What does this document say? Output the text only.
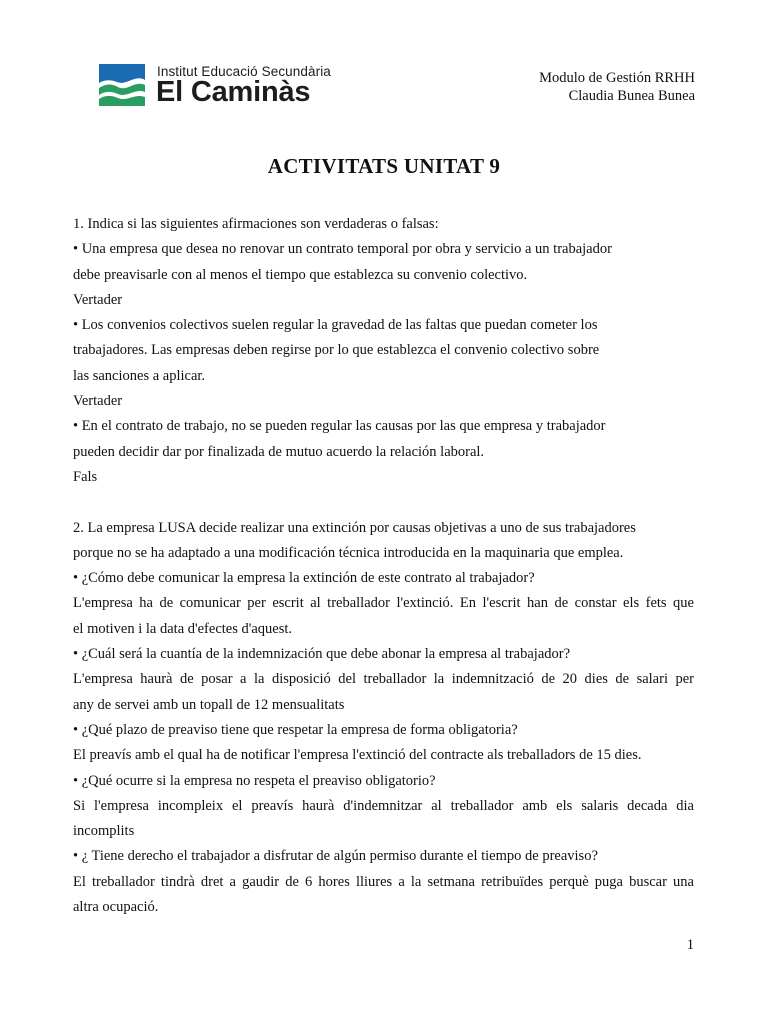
Institut Educació Secundària
El Caminàs	Modulo de Gestión RRHH
Claudia Bunea Bunea
ACTIVITATS UNITAT 9
1. Indica si las siguientes afirmaciones son verdaderas o falsas:
• Una empresa que desea no renovar un contrato temporal por obra y servicio a un trabajador
debe preavisarle con al menos el tiempo que establezca su convenio colectivo.
Vertader
• Los convenios colectivos suelen regular la gravedad de las faltas que puedan cometer los
trabajadores. Las empresas deben regirse por lo que establezca el convenio colectivo sobre
las sanciones a aplicar.
Vertader
• En el contrato de trabajo, no se pueden regular las causas por las que empresa y trabajador
pueden decidir dar por finalizada de mutuo acuerdo la relación laboral.
Fals
2. La empresa LUSA decide realizar una extinción por causas objetivas a uno de sus trabajadores
porque no se ha adaptado a una modificación técnica introducida en la maquinaria que emplea.
• ¿Cómo debe comunicar la empresa la extinción de este contrato al trabajador?
L'empresa ha de comunicar per escrit al treballador l'extinció. En l'escrit han de constar els fets que
el motiven i la data d'efectes d'aquest.
• ¿Cuál será la cuantía de la indemnización que debe abonar la empresa al trabajador?
L'empresa haurà de posar a la disposició del treballador la indemnització de 20 dies de salari per
any de servei amb un topall de 12 mensualitats
• ¿Qué plazo de preaviso tiene que respetar la empresa de forma obligatoria?
El preavís amb el qual ha de notificar l'empresa l'extinció del contracte als treballadors de 15 dies.
• ¿Qué ocurre si la empresa no respeta el preaviso obligatorio?
Si l'empresa incompleix el preavís haurà d'indemnitzar al treballador amb els salaris decada dia
incomplits
• ¿ Tiene derecho el trabajador a disfrutar de algún permiso durante el tiempo de preaviso?
El treballador tindrà dret a gaudir de 6 hores lliures a la setmana retribuïdes perquè puga buscar una
altra ocupació.
1
